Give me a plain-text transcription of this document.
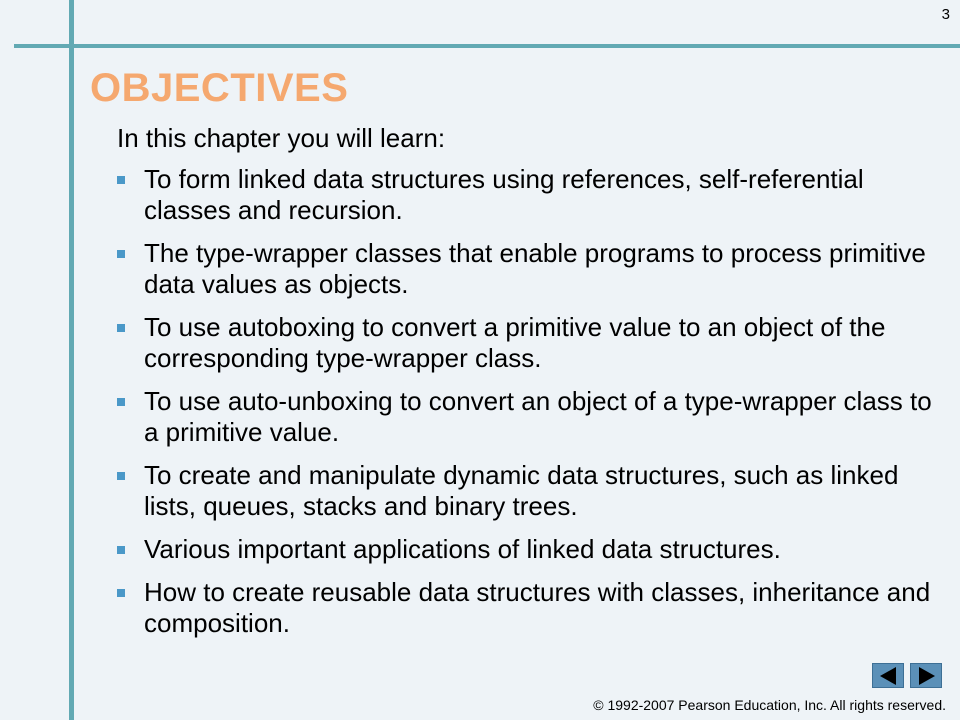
3
OBJECTIVES
In this chapter you will learn:
To form linked data structures using references, self-referential classes and recursion.
The type-wrapper classes that enable programs to process primitive data values as objects.
To use autoboxing to convert a primitive value to an object of the corresponding type-wrapper class.
To use auto-unboxing to convert an object of a type-wrapper class to a primitive value.
To create and manipulate dynamic data structures, such as linked lists, queues, stacks and binary trees.
Various important applications of linked data structures.
How to create reusable data structures with classes, inheritance and composition.
© 1992-2007 Pearson Education, Inc. All rights reserved.
